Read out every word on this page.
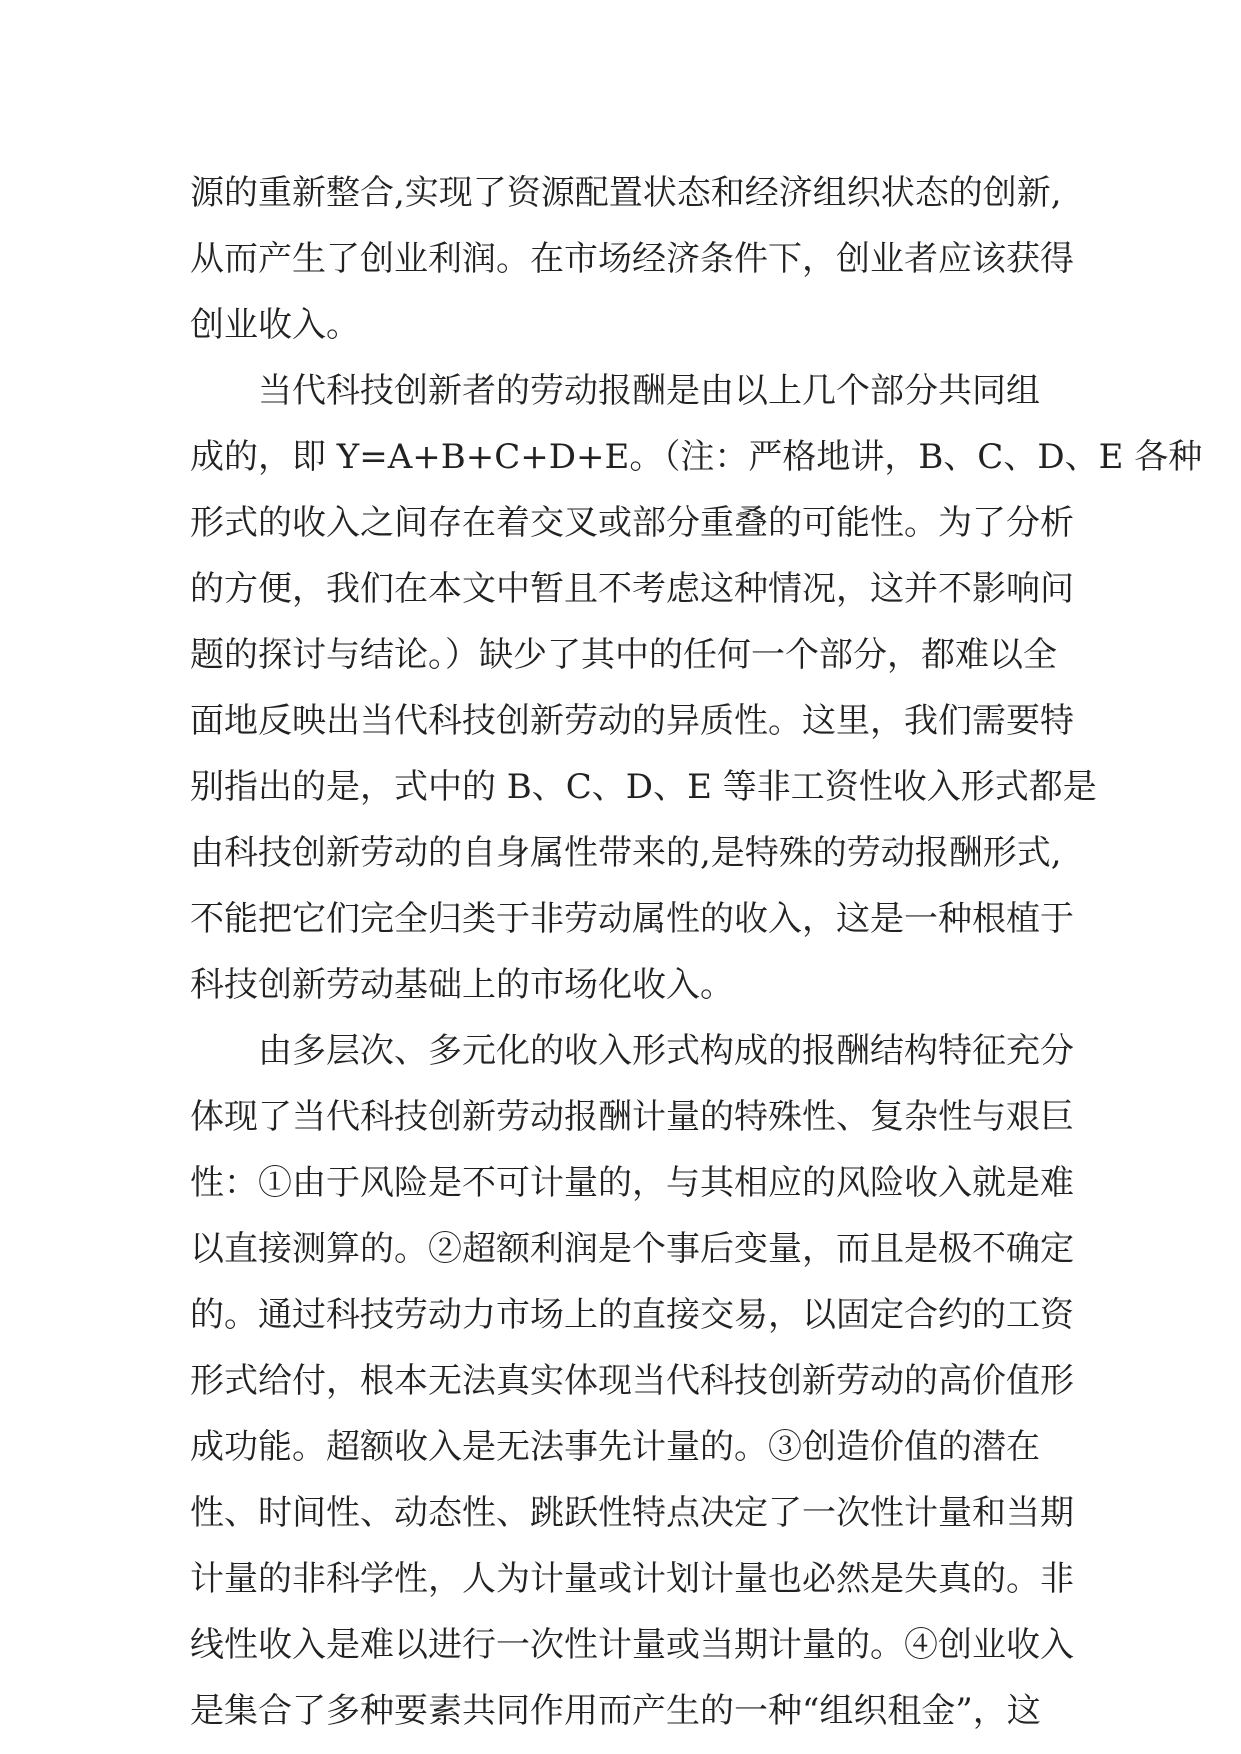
源的重新整合,实现了资源配置状态和经济组织状态的创新,
从而产生了创业利润。在市场经济条件下，创业者应该获得
创业收入。
当代科技创新者的劳动报酬是由以上几个部分共同组
成的，即 Y=A+B+C+D+E。（注：严格地讲，B、C、D、E 各种
形式的收入之间存在着交叉或部分重叠的可能性。为了分析
的方便，我们在本文中暂且不考虑这种情况，这并不影响问
题的探讨与结论。）缺少了其中的任何一个部分，都难以全
面地反映出当代科技创新劳动的异质性。这里，我们需要特
别指出的是，式中的 B、C、D、E 等非工资性收入形式都是
由科技创新劳动的自身属性带来的,是特殊的劳动报酬形式,
不能把它们完全归类于非劳动属性的收入，这是一种根植于
科技创新劳动基础上的市场化收入。
由多层次、多元化的收入形式构成的报酬结构特征充分
体现了当代科技创新劳动报酬计量的特殊性、复杂性与艰巨
性：①由于风险是不可计量的，与其相应的风险收入就是难
以直接测算的。②超额利润是个事后变量，而且是极不确定
的。通过科技劳动力市场上的直接交易，以固定合约的工资
形式给付，根本无法真实体现当代科技创新劳动的高价值形
成功能。超额收入是无法事先计量的。③创造价值的潜在
性、时间性、动态性、跳跃性特点决定了一次性计量和当期
计量的非科学性，人为计量或计划计量也必然是失真的。非
线性收入是难以进行一次性计量或当期计量的。④创业收入
是集合了多种要素共同作用而产生的一种“组织租金”，这
